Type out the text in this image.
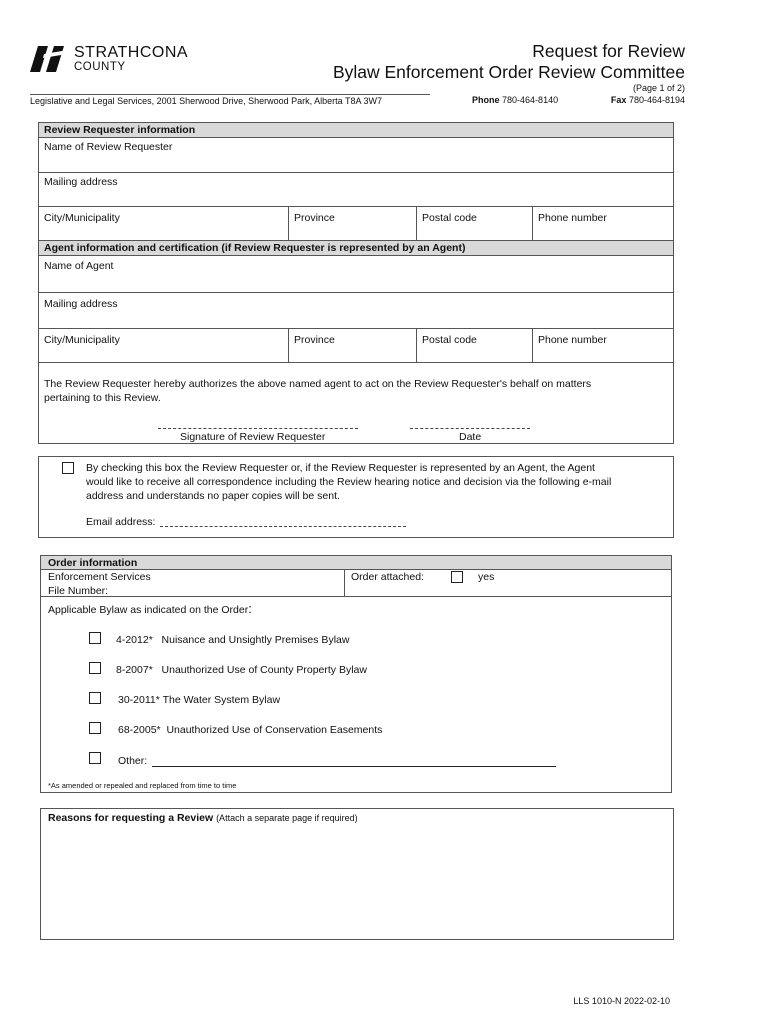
STRATHCONA
COUNTY
Request for Review
Bylaw Enforcement Order Review Committee
(Page 1 of 2)
Legislative and Legal Services, 2001 Sherwood Drive, Sherwood Park, Alberta T8A 3W7	Phone 780-464-8140	Fax 780-464-8194
Review Requester information
Name of Review Requester
Mailing address
City/Municipality	Province	Postal code	Phone number
Agent information and certification (if Review Requester is represented by an Agent)
Name of Agent
Mailing address
City/Municipality	Province	Postal code	Phone number
The Review Requester hereby authorizes the above named agent to act on the Review Requester's behalf on matters
pertaining to this Review.
Signature of Review Requester	Date
By checking this box the Review Requester or, if the Review Requester is represented by an Agent, the Agent
would like to receive all correspondence including the Review hearing notice and decision via the following e-mail
address and understands no paper copies will be sent.
Email address:
Order information
Enforcement Services
File Number:
Order attached:	yes
Applicable Bylaw as indicated on the Order:
4-2012*   Nuisance and Unsightly Premises Bylaw
8-2007*   Unauthorized Use of County Property Bylaw
30-2011* The Water System Bylaw
68-2005*  Unauthorized Use of Conservation Easements
Other:
*As amended or repealed and replaced from time to time
Reasons for requesting a Review (Attach a separate page if required)
LLS 1010-N 2022-02-10
